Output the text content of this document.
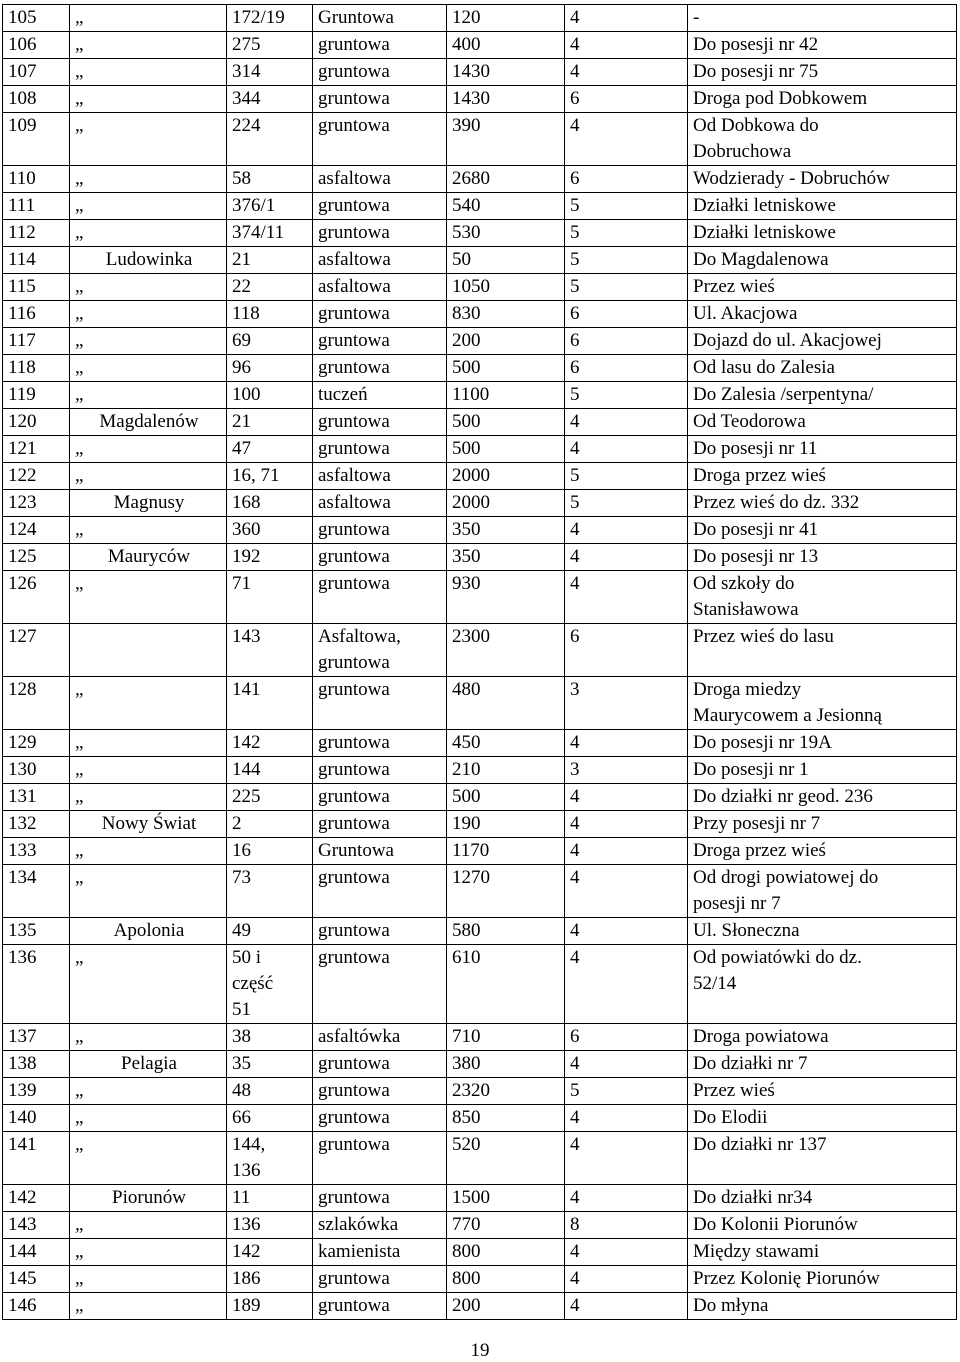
105	„	172/19	Gruntowa	120	4	-
106	„	275	gruntowa	400	4	Do posesji nr 42
107	„	314	gruntowa	1430	4	Do posesji nr 75
108	„	344	gruntowa	1430	6	Droga pod Dobkowem
109	„	224	gruntowa	390	4	Od Dobkowa do
Dobruchowa
110	„	58	asfaltowa	2680	6	Wodzierady - Dobruchów
111	„	376/1	gruntowa	540	5	Działki letniskowe
112	„	374/11	gruntowa	530	5	Działki letniskowe
114	Ludowinka	21	asfaltowa	50	5	Do Magdalenowa
115	„	22	asfaltowa	1050	5	Przez wieś
116	„	118	gruntowa	830	6	Ul. Akacjowa
117	„	69	gruntowa	200	6	Dojazd do ul. Akacjowej
118	„	96	gruntowa	500	6	Od lasu do Zalesia
119	„	100	tuczeń	1100	5	Do Zalesia /serpentyna/
120	Magdalenów	21	gruntowa	500	4	Od Teodorowa
121	„	47	gruntowa	500	4	Do posesji nr 11
122	„	16, 71	asfaltowa	2000	5	Droga przez wieś
123	Magnusy	168	asfaltowa	2000	5	Przez wieś do dz. 332
124	„	360	gruntowa	350	4	Do posesji nr 41
125	Mauryców	192	gruntowa	350	4	Do posesji nr 13
126	„	71	gruntowa	930	4	Od szkoły do
Stanisławowa
127		143	Asfaltowa,
gruntowa	2300	6	Przez wieś do lasu
128	„	141	gruntowa	480	3	Droga miedzy
Maurycowem a Jesionną
129	„	142	gruntowa	450	4	Do posesji nr 19A
130	„	144	gruntowa	210	3	Do posesji nr 1
131	„	225	gruntowa	500	4	Do działki nr geod. 236
132	Nowy Świat	2	gruntowa	190	4	Przy posesji nr 7
133	„	16	Gruntowa	1170	4	Droga przez wieś
134	„	73	gruntowa	1270	4	Od drogi powiatowej do
posesji nr 7
135	Apolonia	49	gruntowa	580	4	Ul. Słoneczna
136	„	50 i
część
51	gruntowa	610	4	Od powiatówki do dz.
52/14
137	„	38	asfaltówka	710	6	Droga powiatowa
138	Pelagia	35	gruntowa	380	4	Do działki nr 7
139	„	48	gruntowa	2320	5	Przez wieś
140	„	66	gruntowa	850	4	Do Elodii
141	„	144,
136	gruntowa	520	4	Do działki nr 137
142	Piorunów	11	gruntowa	1500	4	Do działki nr34
143	„	136	szlakówka	770	8	Do Kolonii Piorunów
144	„	142	kamienista	800	4	Między stawami
145	„	186	gruntowa	800	4	Przez Kolonię Piorunów
146	„	189	gruntowa	200	4	Do młyna
19
